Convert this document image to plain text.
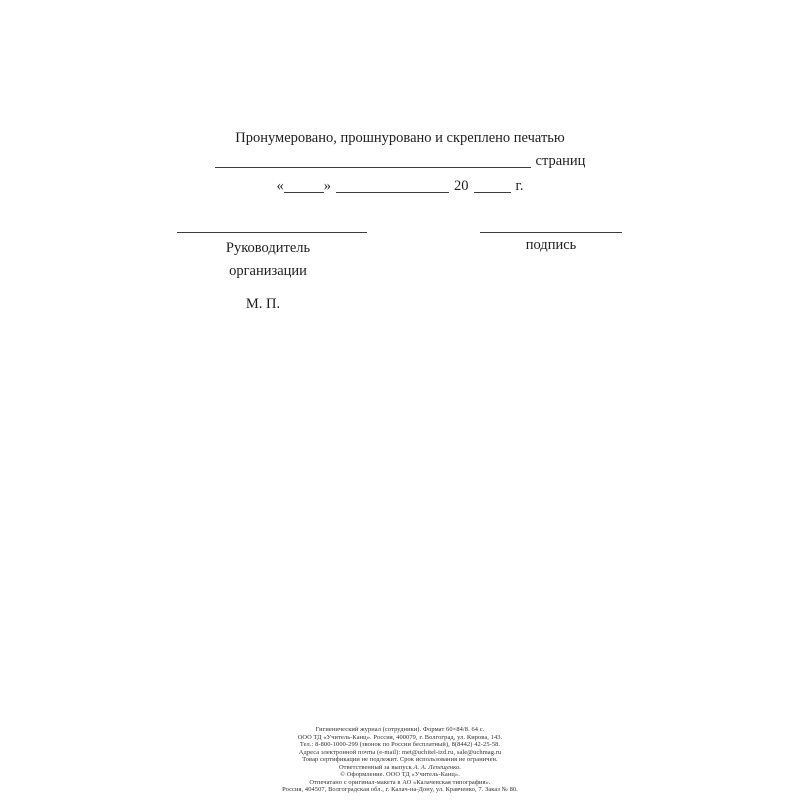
Пронумеровано, прошнуровано и скреплено печатью
страниц
«	»	20	г.
Руководитель
организации
подпись
М. П.
Гигиенический журнал (сотрудники). Формат 60×84/8. 64 с.
ООО ТД «Учитель-Канц». Россия, 400079, г. Волгоград, ул. Кирова, 143.
Тел.: 8-800-1000-299 (звонок по России бесплатный), 8(8442) 42-25-58.
Адреса электронной почты (e-mail): met@uchitel-izd.ru, sale@uchmag.ru
Товар сертификации не подлежит. Срок использования не ограничен.
Ответственный за выпуск А. А. Лепещенко.
© Оформление. ООО ТД «Учитель-Канц».
Отпечатано с оригинал-макета в АО «Калачевская типография».
Россия, 404507, Волгоградская обл., г. Калач-на-Дону, ул. Кравченко, 7. Заказ № 80.
